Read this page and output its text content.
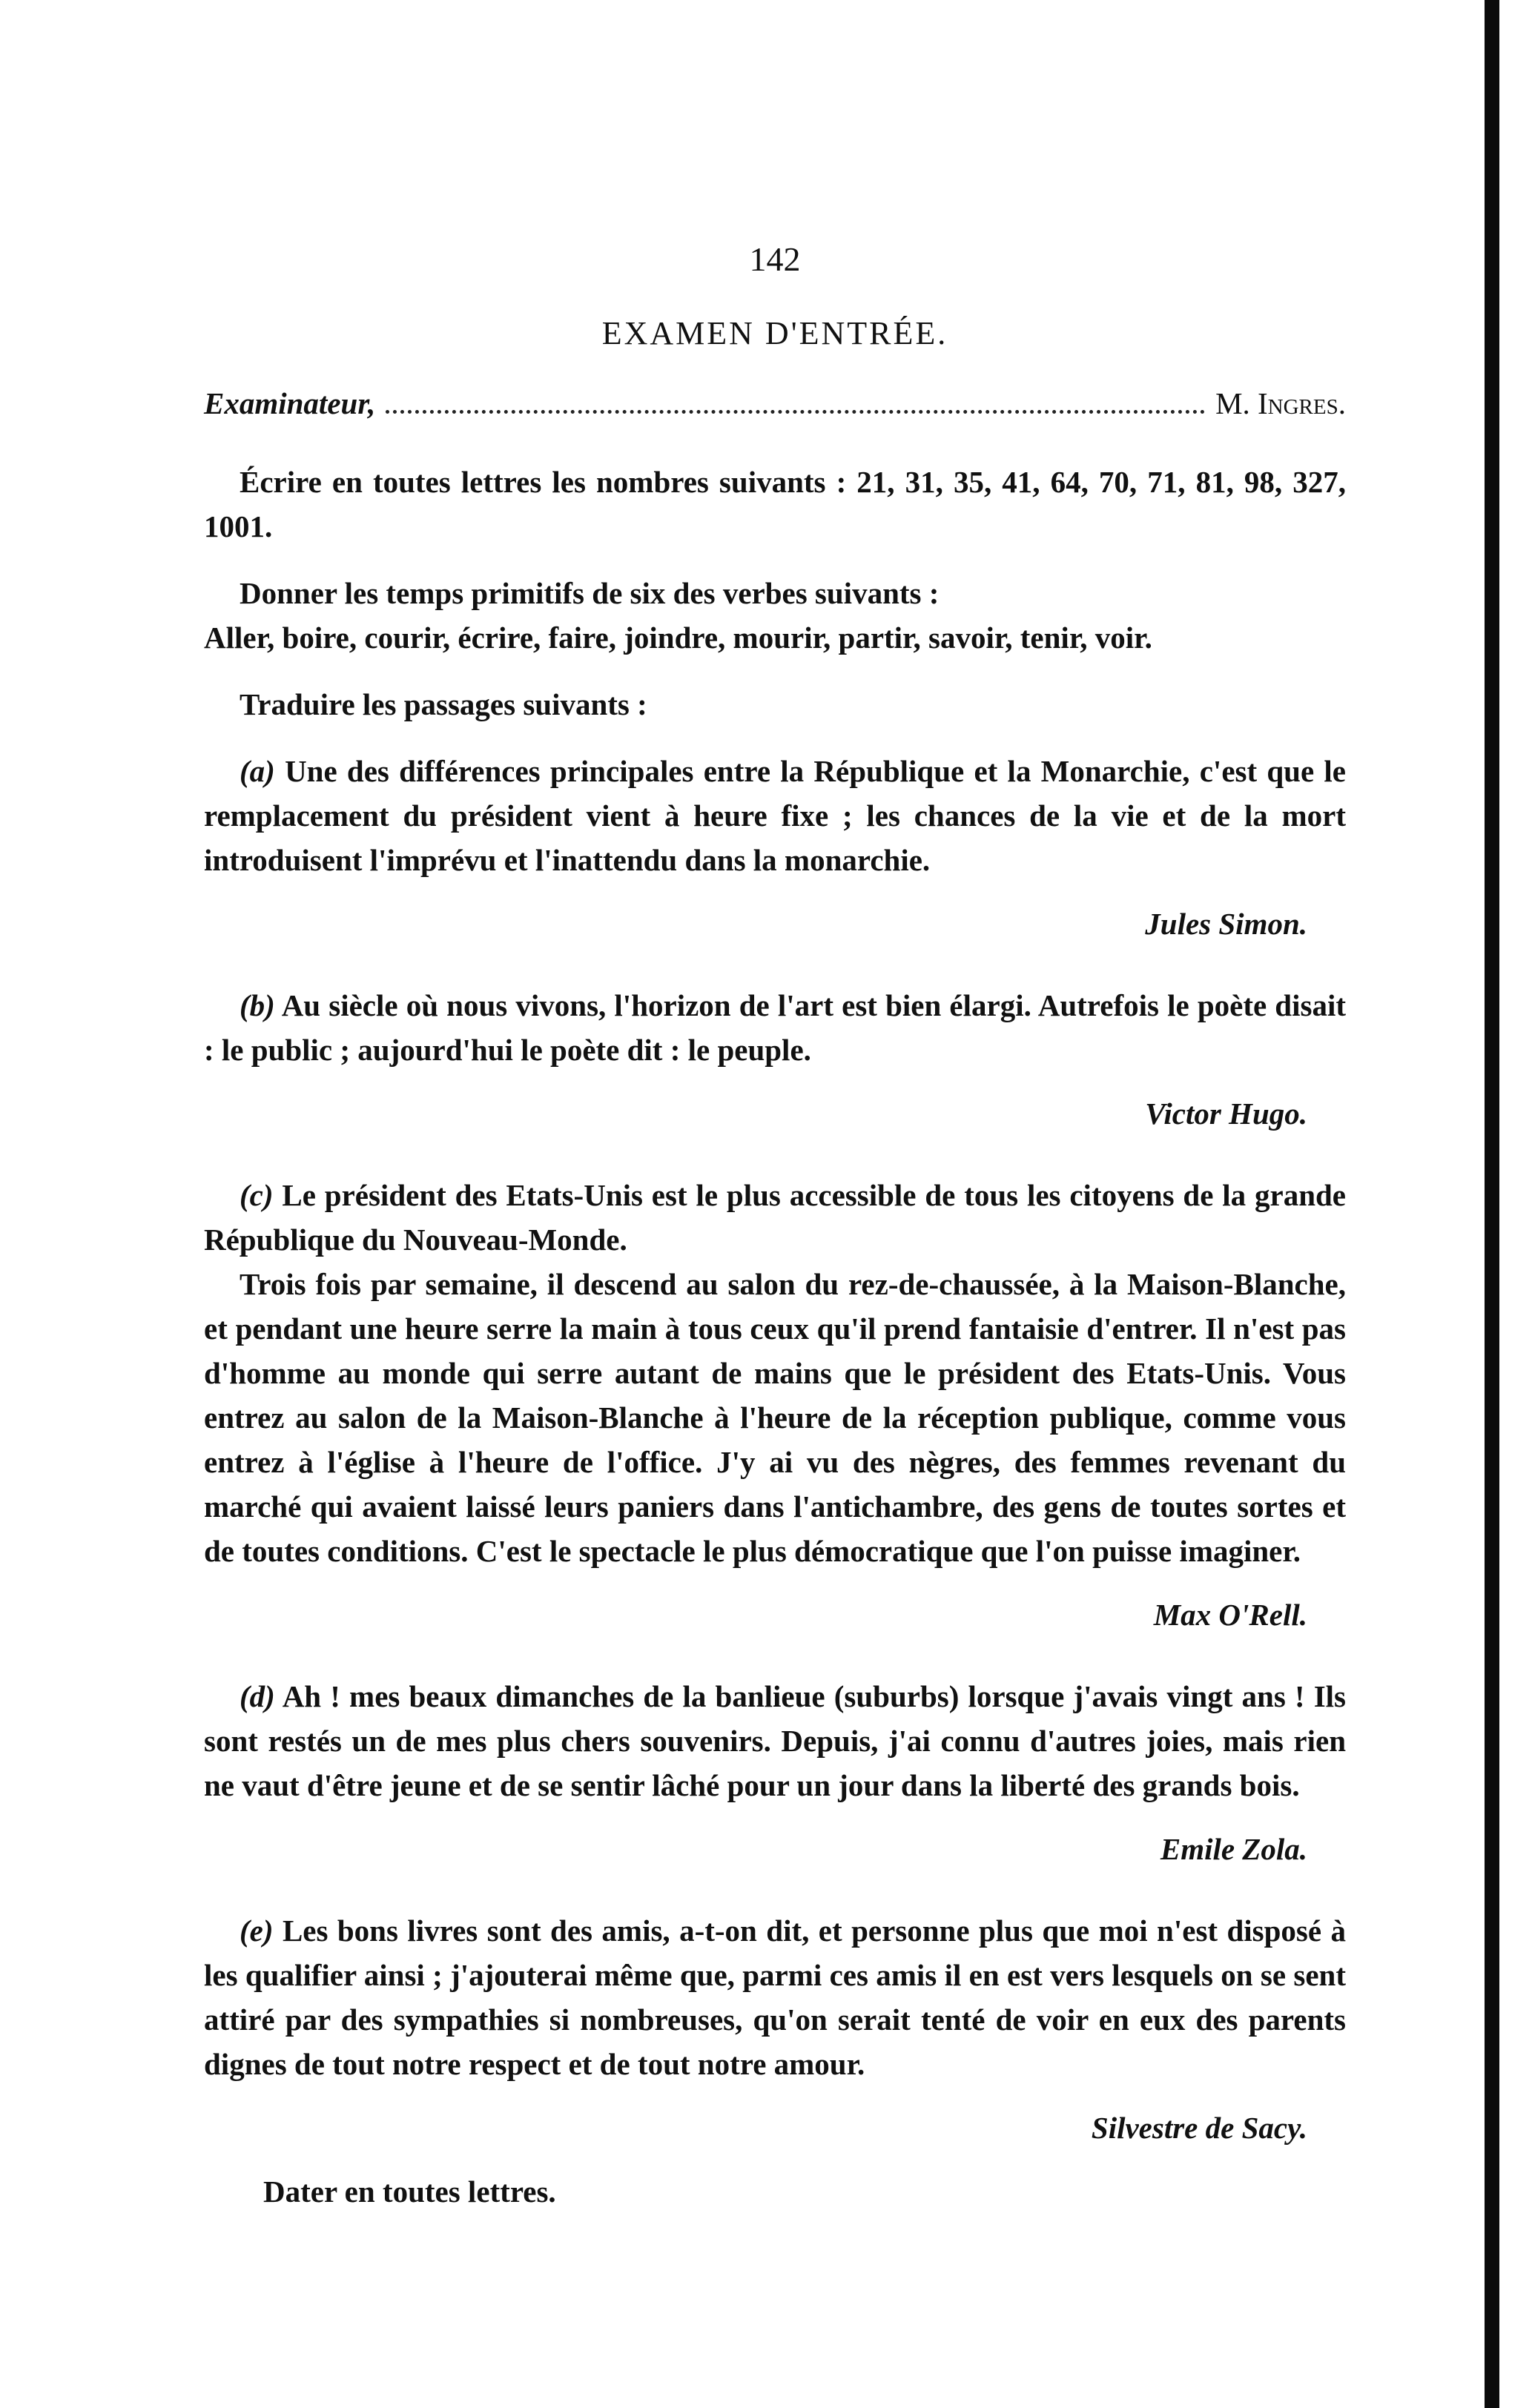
142
EXAMEN D'ENTRÉE.
Examinateur,	M. Ingres.

Écrire en toutes lettres les nombres suivants : 21, 31, 35, 41, 64, 70, 71, 81, 98, 327, 1001.

Donner les temps primitifs de six des verbes suivants :

Aller, boire, courir, écrire, faire, joindre, mourir, partir, savoir, tenir, voir.

Traduire les passages suivants :

(a) Une des différences principales entre la République et la Monarchie, c'est que le remplacement du président vient à heure fixe ; les chances de la vie et de la mort introduisent l'imprévu et l'inattendu dans la monarchie.

Jules Simon.

(b) Au siècle où nous vivons, l'horizon de l'art est bien élargi. Autrefois le poète disait : le public ; aujourd'hui le poète dit : le peuple.

Victor Hugo.

(c) Le président des Etats-Unis est le plus accessible de tous les citoyens de la grande République du Nouveau-Monde.

Trois fois par semaine, il descend au salon du rez-de-chaussée, à la Maison-Blanche, et pendant une heure serre la main à tous ceux qu'il prend fantaisie d'entrer. Il n'est pas d'homme au monde qui serre autant de mains que le président des Etats-Unis. Vous entrez au salon de la Maison-Blanche à l'heure de la réception publique, comme vous entrez à l'église à l'heure de l'office. J'y ai vu des nègres, des femmes revenant du marché qui avaient laissé leurs paniers dans l'antichambre, des gens de toutes sortes et de toutes conditions. C'est le spectacle le plus démocratique que l'on puisse imaginer.

Max O'Rell.

(d) Ah ! mes beaux dimanches de la banlieue (suburbs) lorsque j'avais vingt ans ! Ils sont restés un de mes plus chers souvenirs. Depuis, j'ai connu d'autres joies, mais rien ne vaut d'être jeune et de se sentir lâché pour un jour dans la liberté des grands bois.

Emile Zola.

(e) Les bons livres sont des amis, a-t-on dit, et personne plus que moi n'est disposé à les qualifier ainsi ; j'ajouterai même que, parmi ces amis il en est vers lesquels on se sent attiré par des sympathies si nombreuses, qu'on serait tenté de voir en eux des parents dignes de tout notre respect et de tout notre amour.

Silvestre de Sacy.

Dater en toutes lettres.
